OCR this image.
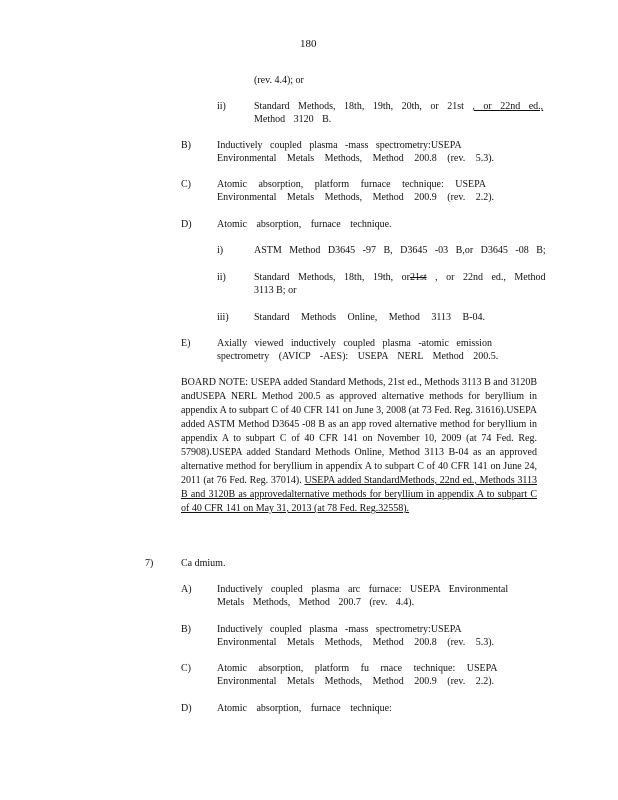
180
(rev. 4.4); or
ii)	Standard Methods, 18th, 19th, 20th, or 21st , or 22nd ed.,
Method 3120 B.
B)	Inductively coupled plasma -mass spectrometry:USEPA
Environmental Metals Methods, Method 200.8 (rev. 5.3).
C)	Atomic absorption, platform furnace technique: USEPA
Environmental Metals Methods, Method 200.9 (rev. 2.2).
D)	Atomic absorption, furnace technique.
i)	ASTM Method D3645 -97 B, D3645 -03 B,or D3645 -08 B;
ii)	Standard Methods, 18th, 19th, or21st , or 22nd ed., Method
3113 B; or
iii)	Standard Methods Online, Method 3113 B-04.
E)	Axially viewed inductively coupled plasma -atomic emission
spectrometry (AVICP -AES): USEPA NERL Method 200.5.
BOARD NOTE: USEPA added Standard Methods, 21st ed., Methods 3113 B and 3120B andUSEPA NERL Method 200.5 as approved alternative methods for beryllium in appendix A to subpart C of 40 CFR 141 on June 3, 2008 (at 73 Fed. Reg. 31616).USEPA added ASTM Method D3645 -08 B as an app roved alternative method for beryllium in appendix A to subpart C of 40 CFR 141 on November 10, 2009 (at 74 Fed. Reg. 57908).USEPA added Standard Methods Online, Method 3113 B-04 as an approved alternative method for beryllium in appendix A to subpart C of 40 CFR 141 on June 24, 2011 (at 76 Fed. Reg. 37014). USEPA added StandardMethods, 22nd ed., Methods 3113 B and 3120B as approvedalternative methods for beryllium in appendix A to subpart C of 40 CFR 141 on May 31, 2013 (at 78 Fed. Reg.32558).
7)	Ca dmium.
A)	Inductively coupled plasma arc furnace: USEPA Environmental
Metals Methods, Method 200.7 (rev. 4.4).
B)	Inductively coupled plasma -mass spectrometry:USEPA
Environmental Metals Methods, Method 200.8 (rev. 5.3).
C)	Atomic absorption, platform fu rnace technique: USEPA
Environmental Metals Methods, Method 200.9 (rev. 2.2).
D)	Atomic absorption, furnace technique:
